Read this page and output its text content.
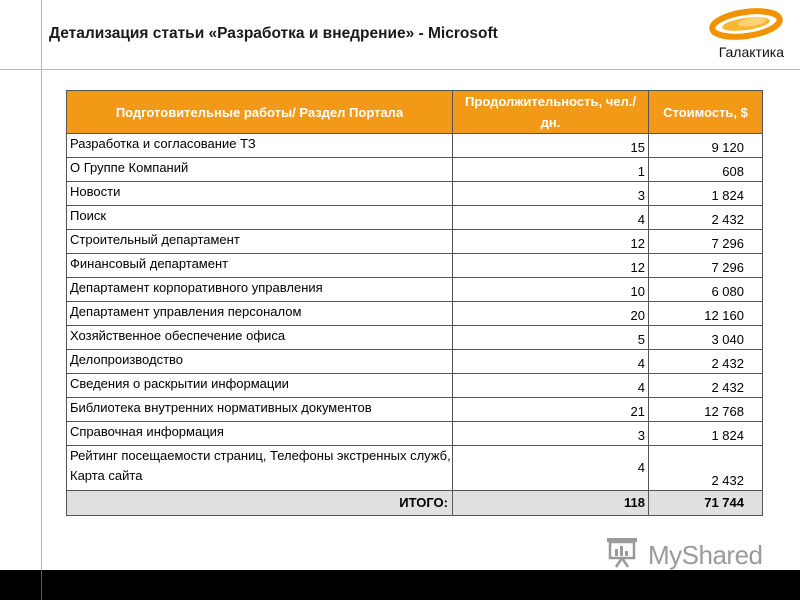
Детализация статьи «Разработка и внедрение» - Microsoft
Галактика
Подготовительные работы/ Раздел Портала	Продолжительность, чел./ дн.	Стоимость, $
Разработка и согласование ТЗ	15	9 120
О Группе Компаний	1	608
Новости	3	1 824
Поиск	4	2 432
Строительный департамент	12	7 296
Финансовый департамент	12	7 296
Департамент корпоративного управления	10	6 080
Департамент управления персоналом	20	12 160
Хозяйственное обеспечение офиса	5	3 040
Делопроизводство	4	2 432
Сведения о раскрытии информации	4	2 432
Библиотека внутренних нормативных документов	21	12 768
Справочная информация	3	1 824
Рейтинг посещаемости страниц, Телефоны экстренных служб, Карта сайта	4	2 432
ИТОГО:	118	71 744
MyShared
